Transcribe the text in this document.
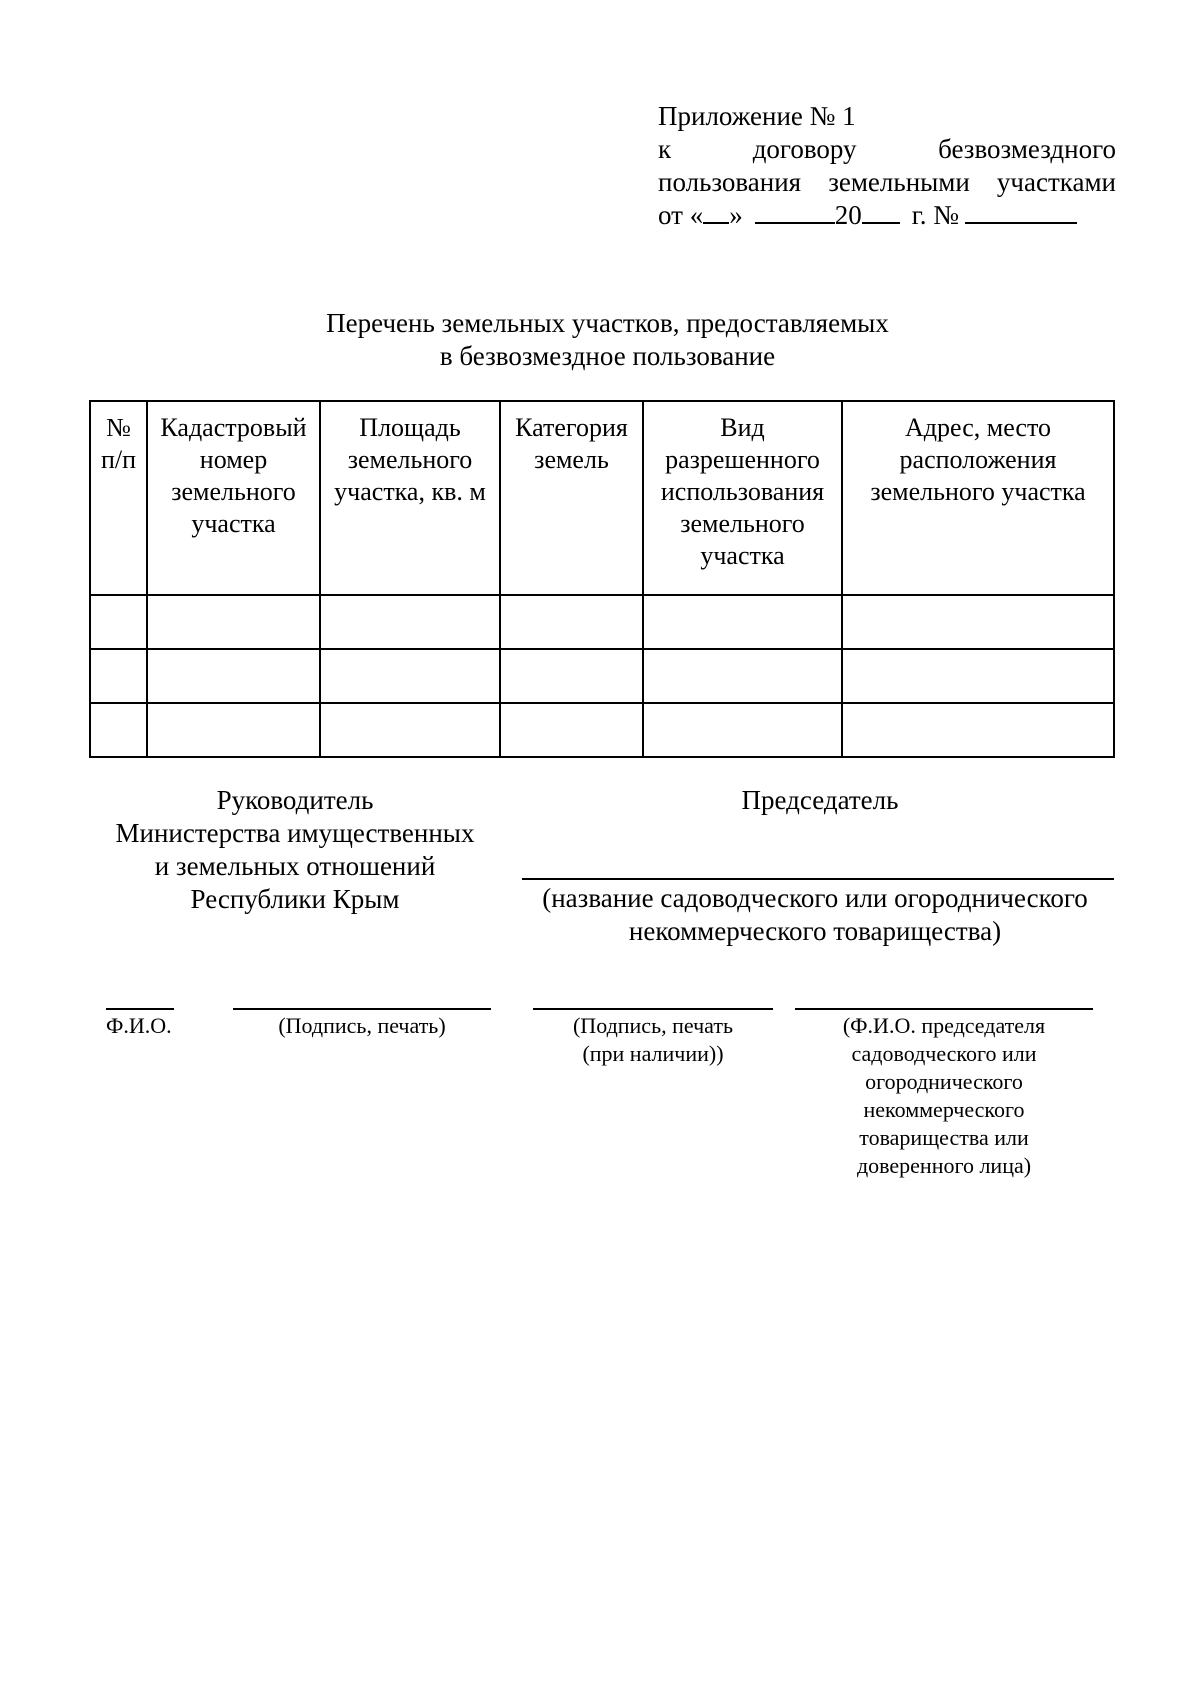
Приложение № 1
к	договору	безвозмездного
пользования земельными участками
от « »	20 г. №
Перечень земельных участков, предоставляемых
в безвозмездное пользование
№ п/п	Кадастровый номер земельного участка	Площадь земельного участка, кв. м	Категория земель	Вид разрешенного использования земельного участка	Адрес, место расположения земельного участка

Руководитель
Министерства имущественных
и земельных отношений
Республики Крым
Председатель
(название садоводческого или огороднического
некоммерческого товарищества)
Ф.И.О.	(Подпись, печать)	(Подпись, печать
(при наличии))
(Ф.И.О. председателя
садоводческого или
огороднического
некоммерческого
товарищества или
доверенного лица)
